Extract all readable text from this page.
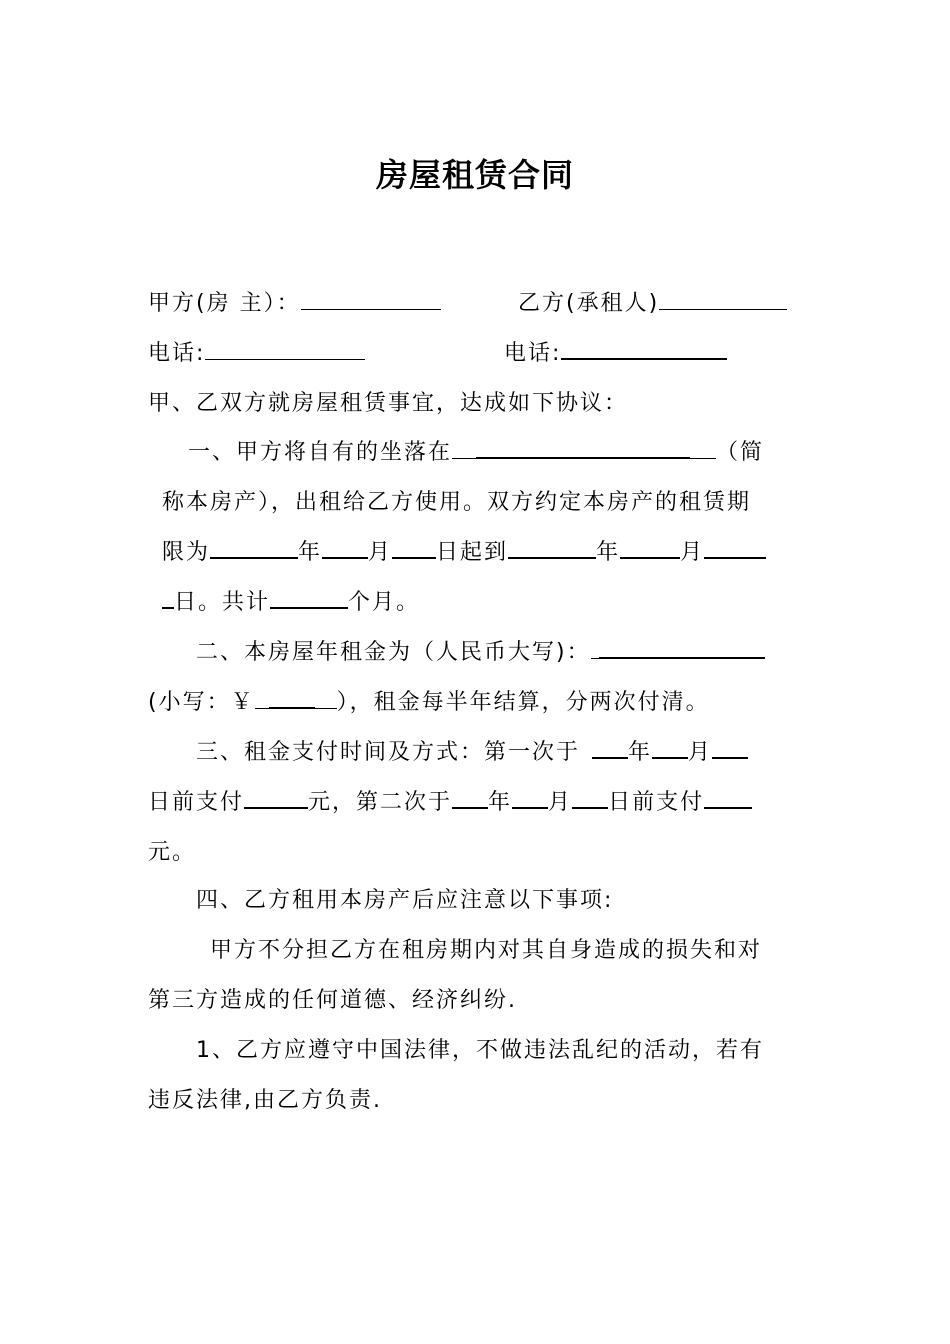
房屋租赁合同
甲方(房 主）：	乙方(承租人)
电话:	电话:
甲、乙双方就房屋租赁事宜，达成如下协议：
一、甲方将自有的坐落在	（简
称本房产），出租给乙方使用。双方约定本房产的租赁期
限为	年 月 日起到	年	月
日。共计	个月。
二、本房屋年租金为（人民币大写)：
(小写：￥	），租金每半年结算，分两次付清。
三、租金支付时间及方式：第一次于 年 月
日前支付	元，第二次于 年 月 日前支付
元。
四、乙方租用本房产后应注意以下事项:
甲方不分担乙方在租房期内对其自身造成的损失和对
第三方造成的任何道德、经济纠纷.
1、乙方应遵守中国法律，不做违法乱纪的活动，若有
违反法律,由乙方负责.
